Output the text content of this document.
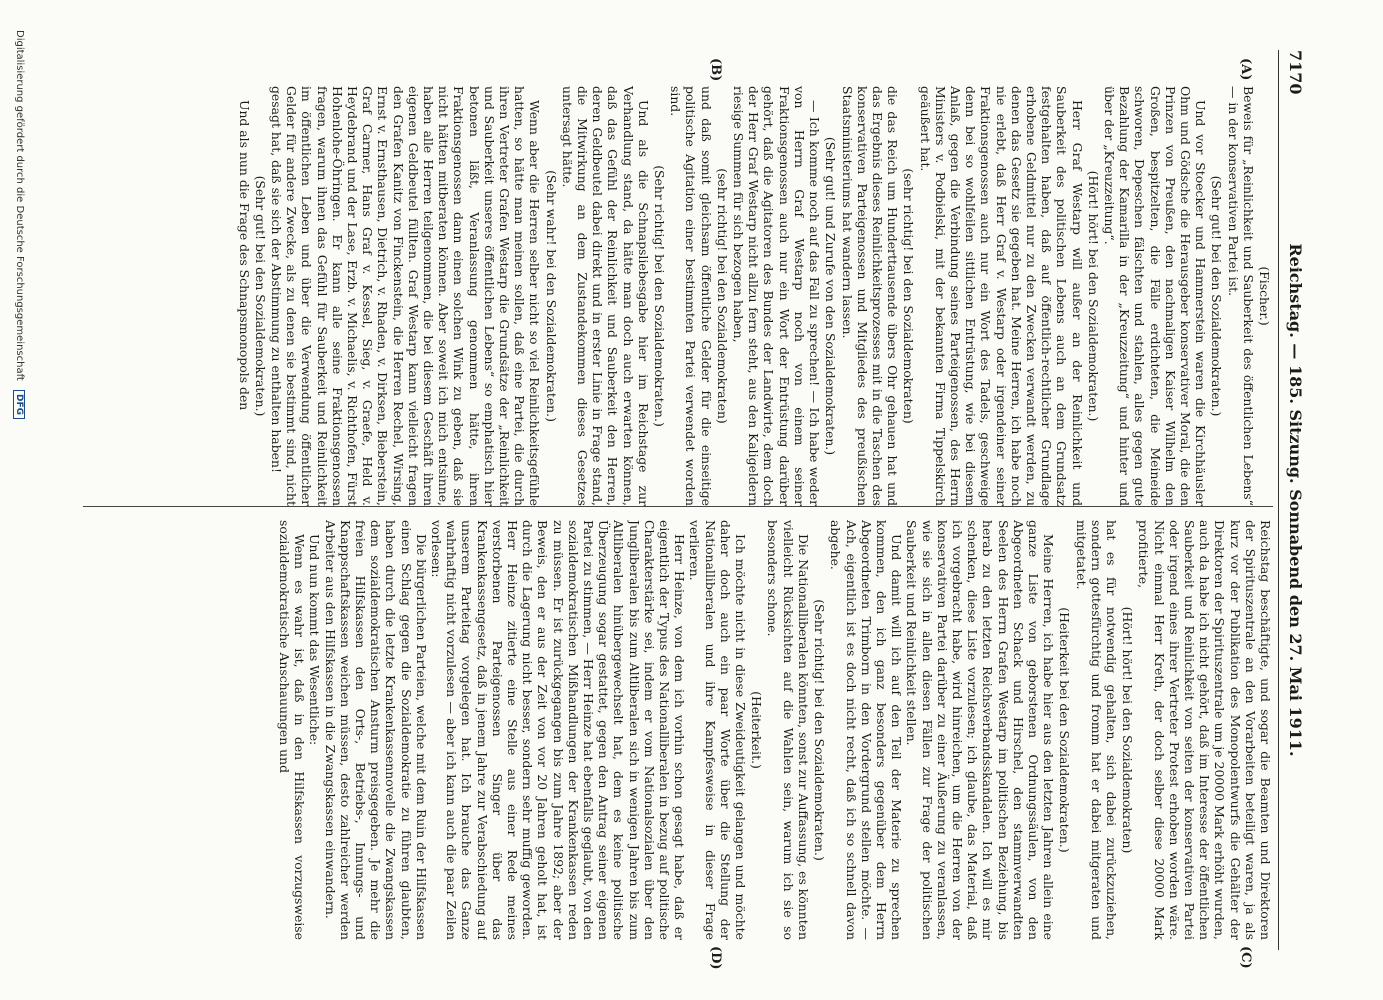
7170
Reichstag. — 185. Sitzung. Sonnabend den 27. Mai 1911.
(A)
(B)
(C)
(D)

(Fischer.)

Beweis für „Reinlichkeit und Sauberkeit des öffentlichen Lebens“ — in der konservativen Partei ist.

(Sehr gut! bei den Sozialdemokraten.)

Und vor Stoecker und Hammerstein waren die Kirchhäusler Ohm und Gödsche die Herausgeber konservativer Moral, die den Prinzen von Preußen, den nachmaligen Kaiser Wilhelm den Großen, bespitzelten, die Fälle erdichteten, die Meineide schworen, Depeschen fälschten und stahlen, alles gegen gute Bezahlung der Kamarilla in der „Kreuzzeitung“ und hinter und über der „Kreuzzeitung“.

(Hört! hört! bei den Sozialdemokraten.)

Herr Graf Westarp will außer an der Reinlichkeit und Sauberkeit des politischen Lebens auch an dem Grundsatz festgehalten haben, daß auf öffentlich-rechtlicher Grundlage erhobene Geldmittel nur zu den Zwecken verwandt werden, zu denen das Gesetz sie gegeben hat. Meine Herren, ich habe noch nie erlebt, daß Herr Graf v. Westarp oder irgendeiner seiner Fraktionsgenossen auch nur ein Wort des Tadels, geschweige denn bei so wohlfeilen sittlichen Entrüstung, wie bei diesem Anlaß, gegen die Verbindung seines Parteigenossen, des Herrn Ministers v. Podbielski, mit der bekannten Firma Tippelskirch geäußert hat.

(sehr richtig! bei den Sozialdemokraten)

die das Reich um Hunderttausende übers Ohr gehauen hat und das Ergebnis dieses Reinlichkeitsprozesses mit in die Taschen des konservativen Parteigenossen und Mitgliedes des preußischen Staatsministeriums hat wandern lassen.

(Sehr gut! und Zurufe von den Sozialdemokraten.)

— Ich komme noch auf das Fall zu sprechen! — Ich habe weder von Herrn Graf Westarp noch von einem seiner Fraktionsgenossen auch nur ein Wort der Entrüstung darüber gehört, daß die Agitatoren des Bundes der Landwirte, dem doch der Herr Graf Westarp nicht allzu fern steht, aus den Kaligeldern riesige Summen für sich bezogen haben,

(sehr richtig! bei den Sozialdemokraten)

und daß somit gleichsam öffentliche Gelder für die einseitige politische Agitation einer bestimmten Partei verwendet worden sind.

(Sehr richtig! bei den Sozialdemokraten.)

Und als die Schnapsliebesgabe hier im Reichstage zur Verhandlung stand, da hätte man doch auch erwarten können, daß das Gefühl der Reinlichkeit und Sauberkeit den Herren, deren Geldbeutel dabei direkt und in erster Linie in Frage stand, die Mitwirkung an dem Zustandekommen dieses Gesetzes untersagt hätte.

(Sehr wahr! bei den Sozialdemokraten.)

Wenn aber die Herren selber nicht so viel Reinlichkeitsgefühle hatten, so hätte man meinen sollen, daß eine Partei, die durch ihren Vertreter Grafen Westarp die Grundsätze der „Reinlichkeit und Sauberkeit unseres öffentlichen Lebens“ so emphatisch hier betonen läßt, Veranlassung genommen hätte, ihren Fraktionsgenossen dann einen solchen Wink zu geben, daß sie nicht hätten mitberaten können. Aber soweit ich mich entsinne, haben alle Herren teilgenommen, die bei diesem Geschäft ihren eigenen Geldbeutel füllten. Graf Westarp kann vielleicht fragen den Grafen Kanitz von Finckenstein, die Herren Rechel, Wirsing, Ernst v. Ernsthausen, Dietrich, v. Rhaden, v. Dirksen, Bieberstein, Graf Carmer, Hans Graf v. Kessel, Sieg, v. Graefe, Held v. Heydebrand und der Lase, Erzb. v. Michaelis, v. Richthofen, Fürst Hohenlohe-Öhringen. Er kann alle seine Fraktionsgenossen fragen, warum ihnen das Gefühl für Sauberkeit und Reinlichkeit im öffentlichen Leben und über die Verwendung öffentlicher Gelder für andere Zwecke, als zu denen sie bestimmt sind, nicht gesagt hat, daß sie sich der Abstimmung zu enthalten haben!

(Sehr gut! bei den Sozialdemokraten.)

Und als nun die Frage des Schnapsmonopols den

Reichstag beschäftigte, und sogar die Beamten und Direktoren der Spirituszentrale an den Vorarbeiten beteiligt waren, ja als kurz vor der Publikation des Monopolentwurfs die Gehälter der Direktoren der Spirituszentrale um je 20000 Mark erhöht wurden, auch da habe ich nicht gehört, daß im Interesse der öffentlichen Sauberkeit und Reinlichkeit von seiten der konservativen Partei oder irgend eines ihrer Vertreter Protest erhoben worden wäre. Nicht einmal Herr Kreth, der doch selber diese 20000 Mark profitierte,

(Hört! hört! bei den Sozialdemokraten)

hat es für notwendig gehalten, sich dabei zurückzuziehen, sondern gottesfürchtig und fromm hat er dabei mitgeraten und mitgetatet.

(Heiterkeit bei den Sozialdemokraten.)

Meine Herren, ich habe hier aus den letzten Jahren allein eine ganze Liste von geborstenen Ordnungssäulen, von den Abgeordneten Schack und Hirschel, den stammverwandten Seelen des Herrn Grafen Westarp im politischen Beziehung, bis herab zu den letzten Reichsverbandsskandalen. Ich will es mir schenken, diese Liste vorzulesen; ich glaube, das Material, daß ich vorgebracht habe, wird hinreichen, um die Herren von der konservativen Partei darüber zu einer Äußerung zu veranlassen, wie sie sich in allen diesen Fällen zur Frage der politischen Sauberkeit und Reinlichkeit stellen.

Und damit will ich auf den Teil der Materie zu sprechen kommen, den ich ganz besonders gegenüber dem Herrn Abgeordneten Trimborn in den Vordergrund stellen möchte. — Ach, eigentlich ist es doch nicht recht, daß ich so schnell davon abgehe.

(Sehr richtig! bei den Sozialdemokraten.)

Die Nationalliberalen könnten, sonst zur Auffassung, es könnten vielleicht Rücksichten auf die Wahlen sein, warum ich sie so besonders schone.

(Heiterkeit.)

Ich möchte nicht in diese Zweideutigkeit gelangen und möchte daher doch auch ein paar Worte über die Stellung der Nationalliberalen und ihre Kampfesweise in dieser Frage verlieren.

Herr Heinze, von dem ich vorhin schon gesagt habe, daß er eigentlich der Typus des Nationalliberalen in bezug auf politische Charakterstärke sei, indem er vom Nationalsozialen über den Jungliberalen bis zum Altliberalen sich in wenigen Jahren bis zum Altliberalen hinübergewechselt hat, dem es keine politische Überzeugung sogar gestattet, gegen den Antrag seiner eigenen Partei zu stimmen, — Herr Heinze hat ebenfalls geglaubt, von den sozialdemokratischen Mißhandlungen der Krankenkassen reden zu müssen. Er ist zurückgegangen bis zum Jahre 1892; aber der Beweis, den er aus der Zeit von vor 20 Jahren geholt hat, ist durch die Lagerung nicht besser, sondern sehr muffig geworden. Herr Heinze zitierte eine Stelle aus einer Rede meines verstorbenen Parteigenossen Singer über das Krankenkassengesetz, daß in jenem Jahre zur Verabschiedung auf unserem Parteitag vorgelegen hat. Ich brauche das Ganze wahrhaftig nicht vorzulesen — aber ich kann auch die paar Zeilen vorlesen:

Die bürgerlichen Parteien, welche mit dem Ruin der Hilfskassen einen Schlag gegen die Sozialdemokratie zu führen glaubten, haben durch die letzte Krankenkassennovelle die Zwangskassen dem sozialdemokratischen Ansturm preisgegeben. Je mehr die freien Hilfskassen den Orts-, Betriebs-, Innungs- und Knappschaftskassen weichen müssen, desto zahlreicher werden Arbeiter aus den Hilfskassen in die Zwangskassen einwandern.

Und nun kommt das Wesentliche:

Wenn es wahr ist, daß in den Hilfskassen vorzugsweise sozialdemokratische Anschauungen und

Digitalisierung gefördert durch die Deutsche Forschungsgemeinschaft DFG
